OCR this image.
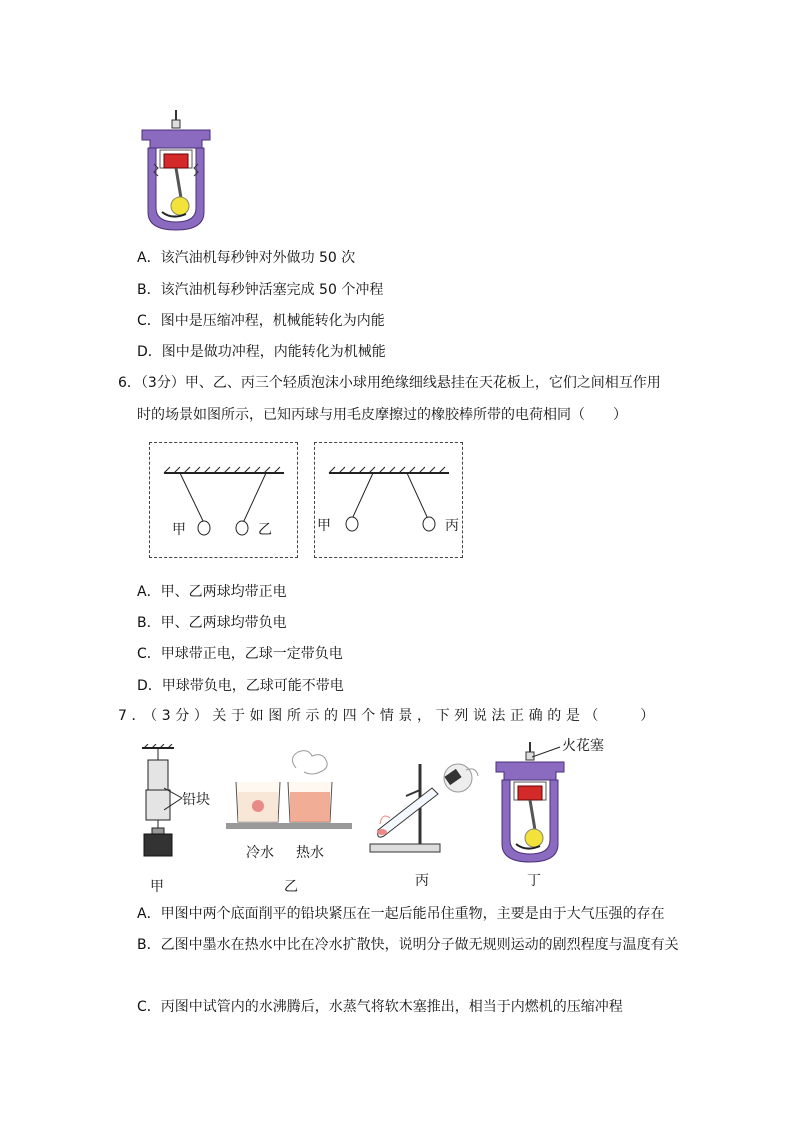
A．该汽油机每秒钟对外做功 50 次
B．该汽油机每秒钟活塞完成 50 个冲程
C．图中是压缩冲程，机械能转化为内能
D．图中是做功冲程，内能转化为机械能
6．（3分）甲、乙、丙三个轻质泡沫小球用绝缘细线悬挂在天花板上，它们之间相互作用
时的场景如图所示，已知丙球与用毛皮摩擦过的橡胶棒所带的电荷相同（　　）
甲	乙	甲	丙
A．甲、乙两球均带正电
B．甲、乙两球均带负电
C．甲球带正电，乙球一定带负电
D．甲球带负电，乙球可能不带电
7．（3分）关于如图所示的四个情景，下列说法正确的是（　　）
铅块
甲
冷水 热水
乙	丙
火花塞
丁
A．甲图中两个底面削平的铅块紧压在一起后能吊住重物，主要是由于大气压强的存在
B．乙图中墨水在热水中比在冷水扩散快，说明分子做无规则运动的剧烈程度与温度有关
C．丙图中试管内的水沸腾后，水蒸气将软木塞推出，相当于内燃机的压缩冲程
